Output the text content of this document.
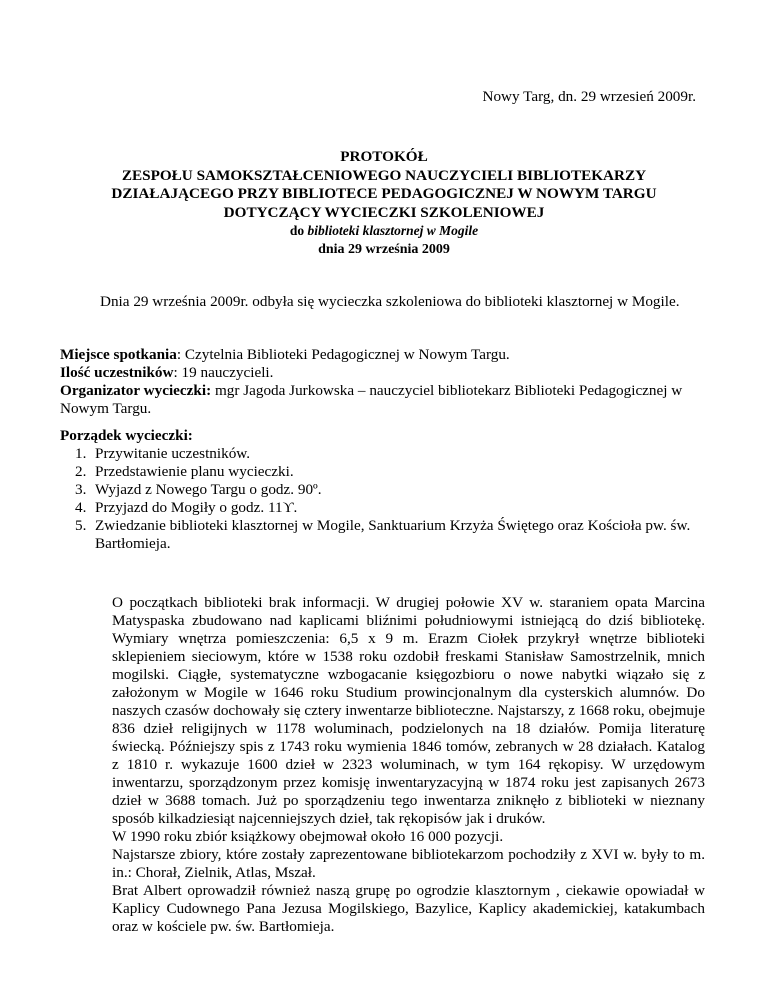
Nowy Targ, dn. 29 wrzesień 2009r.
PROTOKÓŁ
ZESPOŁU SAMOKSZTAŁCENIOWEGO NAUCZYCIELI BIBLIOTEKARZY
DZIAŁAJĄCEGO PRZY BIBLIOTECE PEDAGOGICZNEJ W NOWYM TARGU
DOTYCZĄCY WYCIECZKI SZKOLENIOWEJ
do biblioteki klasztornej w Mogile
dnia 29 września 2009

Dnia 29 września 2009r. odbyła się wycieczka szkoleniowa do biblioteki klasztornej w Mogile.

Miejsce spotkania: Czytelnia Biblioteki Pedagogicznej w Nowym Targu.

Ilość uczestników: 19 nauczycieli.

Organizator wycieczki: mgr Jagoda Jurkowska – nauczyciel bibliotekarz Biblioteki Pedagogicznej w Nowym Targu.

Porządek wycieczki:
1. Przywitanie uczestników.
2. Przedstawienie planu wycieczki.
3. Wyjazd z Nowego Targu o godz. 90º.
4. Przyjazd do Mogiły o godz. 11ϒ.
5. Zwiedzanie biblioteki klasztornej w Mogile, Sanktuarium Krzyża Świętego oraz Kościoła pw. św. Bartłomieja.

O początkach biblioteki brak informacji. W drugiej połowie XV w. staraniem opata Marcina Matyspaska zbudowano nad kaplicami bliźnimi południowymi istniejącą do dziś bibliotekę. Wymiary wnętrza pomieszczenia: 6,5 x 9 m. Erazm Ciołek przykrył wnętrze biblioteki sklepieniem sieciowym, które w 1538 roku ozdobił freskami Stanisław Samostrzelnik, mnich mogilski. Ciągłe, systematyczne wzbogacanie księgozbioru o nowe nabytki wiązało się z założonym w Mogile w 1646 roku Studium prowincjonalnym dla cysterskich alumnów. Do naszych czasów dochowały się cztery inwentarze biblioteczne. Najstarszy, z 1668 roku, obejmuje 836 dzieł religijnych w 1178 woluminach, podzielonych na 18 działów. Pomija literaturę świecką. Późniejszy spis z 1743 roku wymienia 1846 tomów, zebranych w 28 działach. Katalog z 1810 r. wykazuje 1600 dzieł w 2323 woluminach, w tym 164 rękopisy. W urzędowym inwentarzu, sporządzonym przez komisję inwentaryzacyjną w 1874 roku jest zapisanych 2673 dzieł w 3688 tomach. Już po sporządzeniu tego inwentarza zniknęło z biblioteki w nieznany sposób kilkadziesiąt najcenniejszych dzieł, tak rękopisów jak i druków.

W 1990 roku zbiór książkowy obejmował około 16 000 pozycji.

Najstarsze zbiory, które zostały zaprezentowane bibliotekarzom pochodziły z XVI w. były to m. in.: Chorał, Zielnik, Atlas, Mszał.

Brat Albert oprowadził również naszą grupę po ogrodzie klasztornym , ciekawie opowiadał w Kaplicy Cudownego Pana Jezusa Mogilskiego, Bazylice, Kaplicy akademickiej, katakumbach oraz w kościele pw. św. Bartłomieja.
